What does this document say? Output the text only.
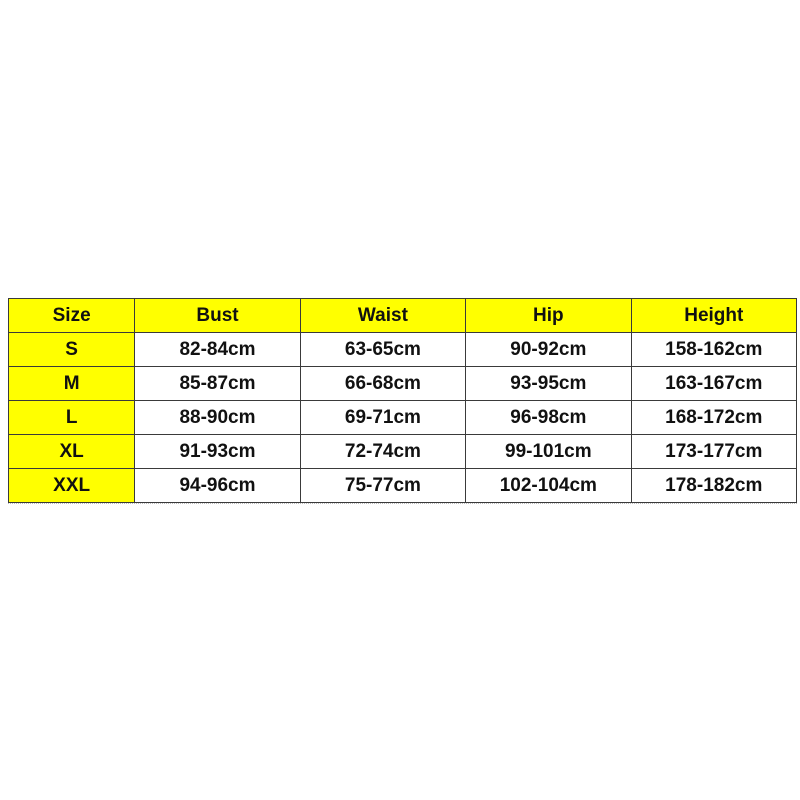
Size	Bust	Waist	Hip	Height
S	82-84cm	63-65cm	90-92cm	158-162cm
M	85-87cm	66-68cm	93-95cm	163-167cm
L	88-90cm	69-71cm	96-98cm	168-172cm
XL	91-93cm	72-74cm	99-101cm	173-177cm
XXL	94-96cm	75-77cm	102-104cm	178-182cm
